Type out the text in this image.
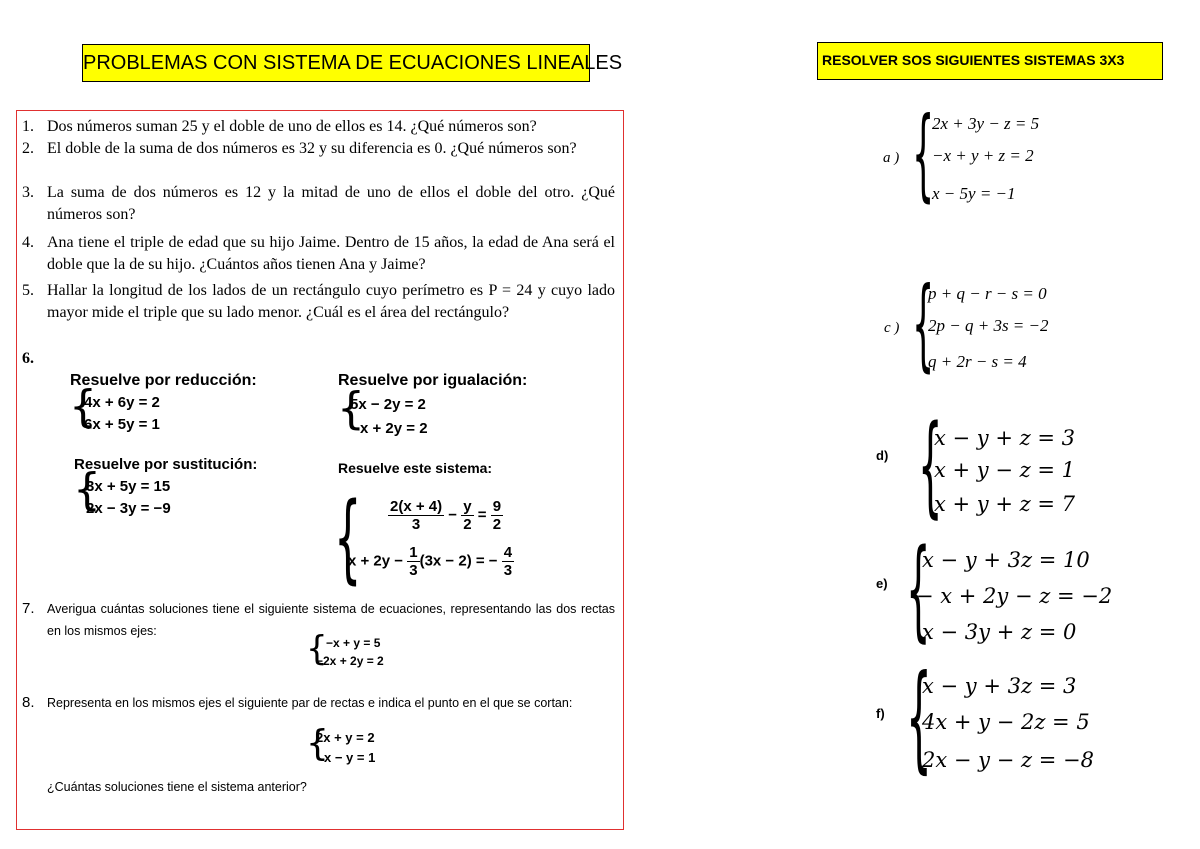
PROBLEMAS CON SISTEMA DE ECUACIONES LINEALES	RESOLVER SOS SIGUIENTES SISTEMAS 3X3
1. Dos números suman 25 y el doble de uno de ellos es 14. ¿Qué números son?
2. El doble de la suma de dos números es 32 y su diferencia es 0. ¿Qué números son?
3. La suma de dos números es 12 y la mitad de uno de ellos el doble del otro. ¿Qué números son?
4. Ana tiene el triple de edad que su hijo Jaime. Dentro de 15 años, la edad de Ana será el doble que la de su hijo. ¿Cuántos años tienen Ana y Jaime?
5. Hallar la longitud de los lados de un rectángulo cuyo perímetro es P = 24 y cuyo lado mayor mide el triple que su lado menor. ¿Cuál es el área del rectángulo?
6.
Resuelve por reducción:
{
4x + 6y = 2
6x + 5y = 1
Resuelve por igualación:
{
5x − 2y = 2
x + 2y = 2
Resuelve por sustitución:
{
3x + 5y = 15
2x − 3y = −9
Resuelve este sistema:
{ $\frac{2(x + 4)}{3} - \frac{y}{2} = \frac{9}{2}$
$x + 2y - \frac{1}{3} (3x - 2)$ = − $\frac{4}{3}$
7. Averigua cuántas soluciones tiene el siguiente sistema de ecuaciones, representando las dos rectas en los mismos ejes:	{
−x + y = 5
−2x + 2y = 2
8. Representa en los mismos ejes el siguiente par de rectas e indica el punto en el que se cortan:
{
2x + y = 2
x − y = 1
¿Cuántas soluciones tiene el sistema anterior?
a ) {
2x + 3y − z = 5
−x + y + z = 2
x − 5y = −1
c ) {
p + q − r − s = 0
2p − q + 3s = −2
q + 2r − s = 4
d) {
x − y + z = 3
x + y − z = 1
x + y + z = 7
e) {
x − y + 3z = 10
− x + 2y − z = −2
x − 3y + z = 0
f) {
x − y + 3z = 3
4x + y − 2z = 5
2x − y − z = −8
